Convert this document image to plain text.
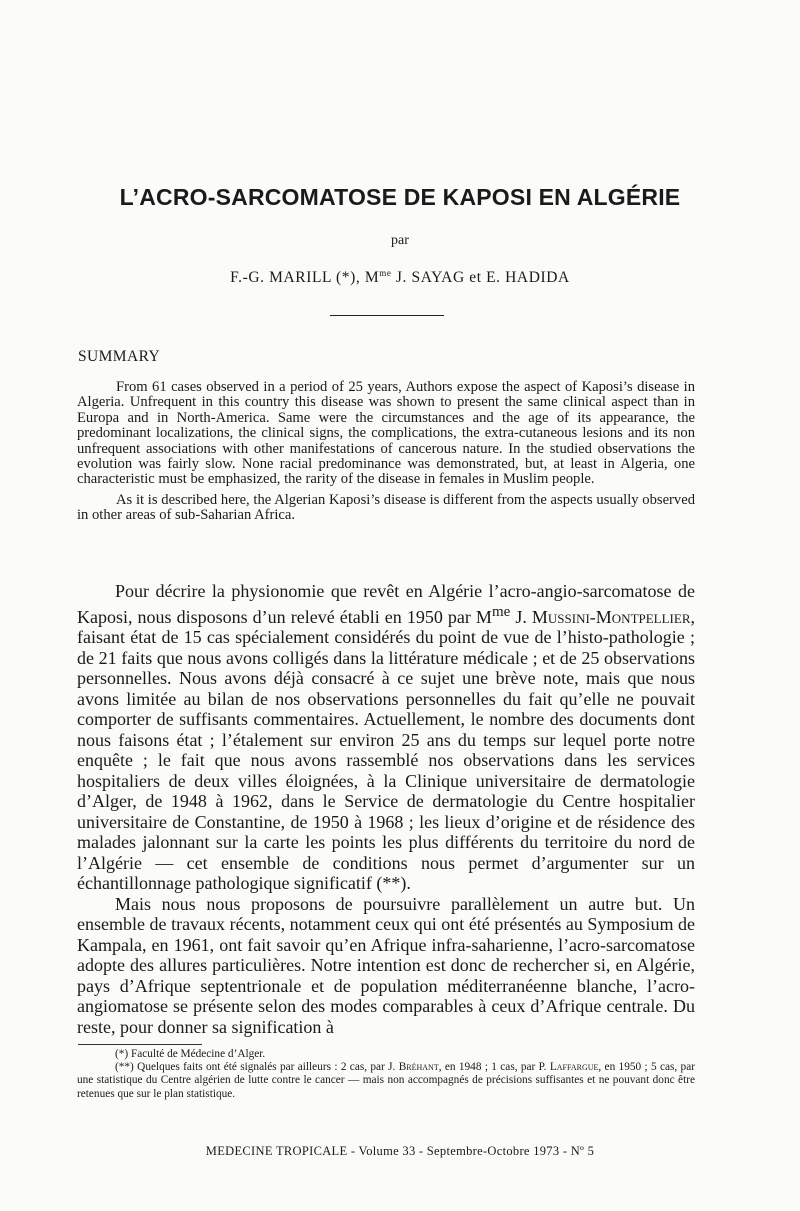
L’ACRO-SARCOMATOSE DE KAPOSI EN ALGÉRIE
par
F.-G. MARILL (*), $M^{me}$ J. SAYAG et E. HADIDA
SUMMARY

From 61 cases observed in a period of 25 years, Authors expose the aspect of Kaposi’s disease in Algeria. Unfrequent in this country this disease was shown to present the same clinical aspect than in Europa and in North-America. Same were the circumstances and the age of its appearance, the predominant localizations, the clinical signs, the complications, the extra-cutaneous lesions and its non unfrequent associations with other manifestations of cancerous nature. In the studied observations the evolution was fairly slow. None racial predominance was demonstrated, but, at least in Algeria, one characteristic must be emphasized, the rarity of the disease in females in Muslim people.

As it is described here, the Algerian Kaposi’s disease is different from the aspects usually observed in other areas of sub-Saharian Africa.

Pour décrire la physionomie que revêt en Algérie l’acro-angio-sarcomatose de Kaposi, nous disposons d’un relevé établi en 1950 par $M^{me}$ J. Mussini-Montpellier, faisant état de 15 cas spécialement considérés du point de vue de l’histo-pathologie ; de 21 faits que nous avons colligés dans la littérature médicale ; et de 25 observations personnelles. Nous avons déjà consacré à ce sujet une brève note, mais que nous avons limitée au bilan de nos observations personnelles du fait qu’elle ne pouvait comporter de suffisants commentaires. Actuellement, le nombre des documents dont nous faisons état ; l’étalement sur environ 25 ans du temps sur lequel porte notre enquête ; le fait que nous avons rassemblé nos observations dans les services hospitaliers de deux villes éloignées, à la Clinique universitaire de dermatologie d’Alger, de 1948 à 1962, dans le Service de dermatologie du Centre hospitalier universitaire de Constantine, de 1950 à 1968 ; les lieux d’origine et de résidence des malades jalonnant sur la carte les points les plus différents du territoire du nord de l’Algérie — cet ensemble de conditions nous permet d’argumenter sur un échantillonnage pathologique significatif (**).

Mais nous nous proposons de poursuivre parallèlement un autre but. Un ensemble de travaux récents, notamment ceux qui ont été présentés au Symposium de Kampala, en 1961, ont fait savoir qu’en Afrique infra-saharienne, l’acro-sarcomatose adopte des allures particulières. Notre intention est donc de rechercher si, en Algérie, pays d’Afrique septentrionale et de population méditerranéenne blanche, l’acro-angiomatose se présente selon des modes comparables à ceux d’Afrique centrale. Du reste, pour donner sa signification à

(*) Faculté de Médecine d’Alger.

(**) Quelques faits ont été signalés par ailleurs : 2 cas, par J. Bréhant, en 1948 ; 1 cas, par P. Laffargue, en 1950 ; 5 cas, par une statistique du Centre algérien de lutte contre le cancer — mais non accompagnés de précisions suffisantes et ne pouvant donc être retenues que sur le plan statistique.

MEDECINE TROPICALE - Volume 33 - Septembre-Octobre 1973 - Nº 5
